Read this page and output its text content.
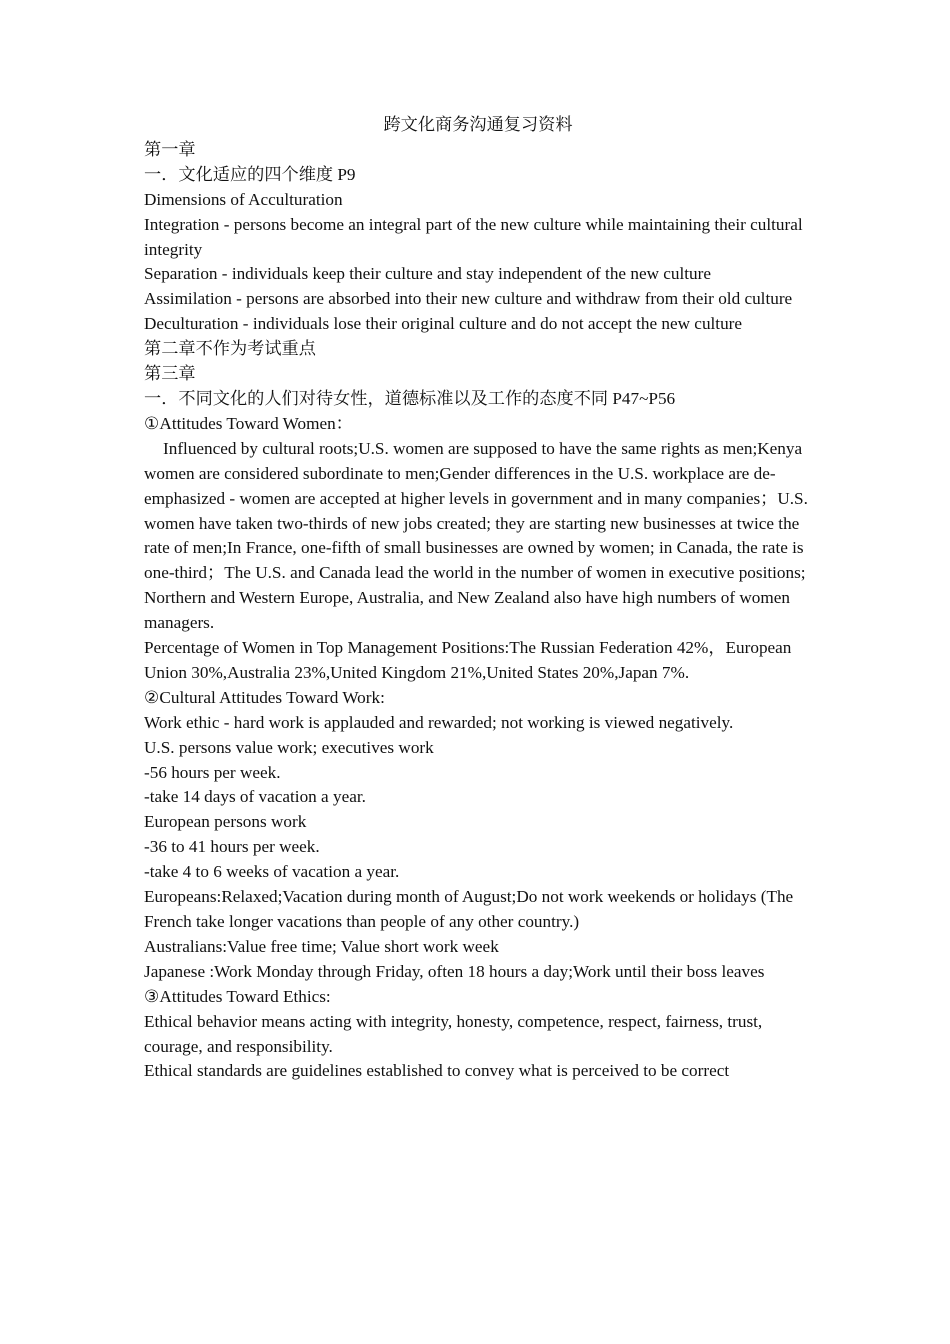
跨文化商务沟通复习资料

第一章

一．文化适应的四个维度 P9

Dimensions of Acculturation

Integration - persons become an integral part of the new culture while maintaining their cultural integrity

Separation - individuals keep their culture and stay independent of the new culture

Assimilation - persons are absorbed into their new culture and withdraw from their old culture

Deculturation - individuals lose their original culture and do not accept the new culture

第二章不作为考试重点

第三章

一．不同文化的人们对待女性，道德标准以及工作的态度不同 P47~P56

①Attitudes Toward Women：

Influenced by cultural roots;U.S. women are supposed to have the same rights as men;Kenya women are considered subordinate to men;Gender differences in the U.S. workplace are de-emphasized - women are accepted at higher levels in government and in many companies；U.S. women have taken two-thirds of new jobs created; they are starting new businesses at twice the rate of men;In France, one-fifth of small businesses are owned by women; in Canada, the rate is one-third；The U.S. and Canada lead the world in the number of women in executive positions; Northern and Western Europe, Australia, and New Zealand also have high numbers of women managers.

Percentage of Women in Top Management Positions:The Russian Federation 42%，European Union 30%,Australia 23%,United Kingdom 21%,United States 20%,Japan 7%.

②Cultural Attitudes Toward Work:

Work ethic - hard work is applauded and rewarded; not working is viewed negatively.

U.S. persons value work; executives work

-56 hours per week.

-take 14 days of vacation a year.

European persons work

-36 to 41 hours per week.

-take 4 to 6 weeks of vacation a year.

Europeans:Relaxed;Vacation during month of August;Do not work weekends or holidays (The French take longer vacations than people of any other country.)

Australians:Value free time; Value short work week

Japanese :Work Monday through Friday, often 18 hours a day;Work until their boss leaves

③Attitudes Toward Ethics:

Ethical behavior means acting with integrity, honesty, competence, respect, fairness, trust, courage, and responsibility.

Ethical standards are guidelines established to convey what is perceived to be correct
